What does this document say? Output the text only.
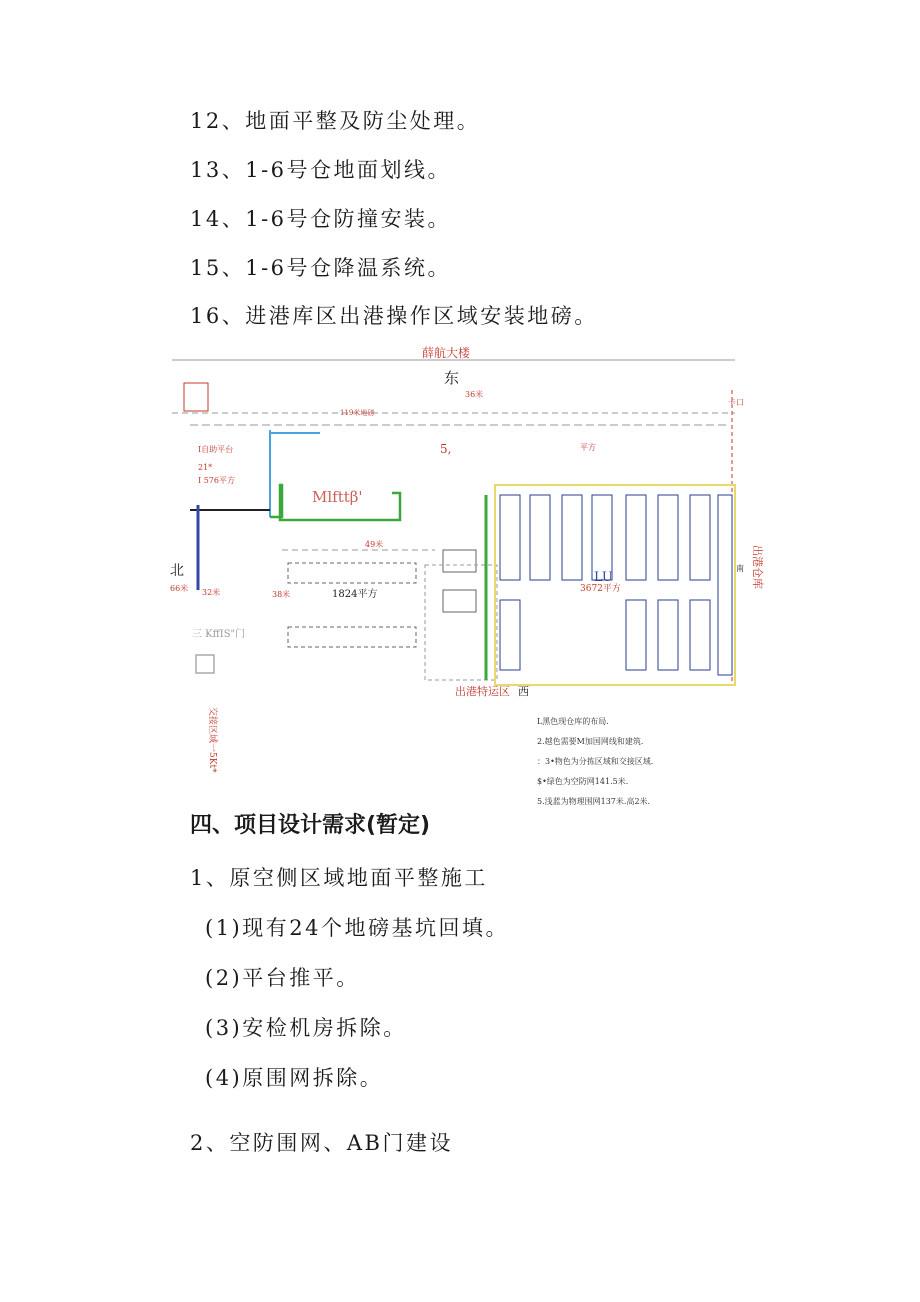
12、地面平整及防尘处理。
13、1-6号仓地面划线。
14、1-6号仓防撞安装。
15、1-6号仓降温系统。
16、进港库区出港操作区域安装地磅。
薛航大楼
东
36米
119米地磅
卡口
I自助平台
21*
I 576平方
北
66米 32米
Mlfttβ'
5,	平方
49米
38米	1824平方
三 KffIS"门
交接区域一5Kt*
出港特运区 西
LU
3672平方
南 出港仓库
L黑色现仓库的布局.
2.越色需要M加国网线和建筑.
：3•物色为分拣区域和交接区域.
$•绿色为空防网141.5米.
5.浅蓝为物理围网137米.高2米.
四、项目设计需求(暂定)
1、原空侧区域地面平整施工
(1)现有24个地磅基坑回填。
(2)平台推平。
(3)安检机房拆除。
(4)原围网拆除。
2、空防围网、AB门建设
